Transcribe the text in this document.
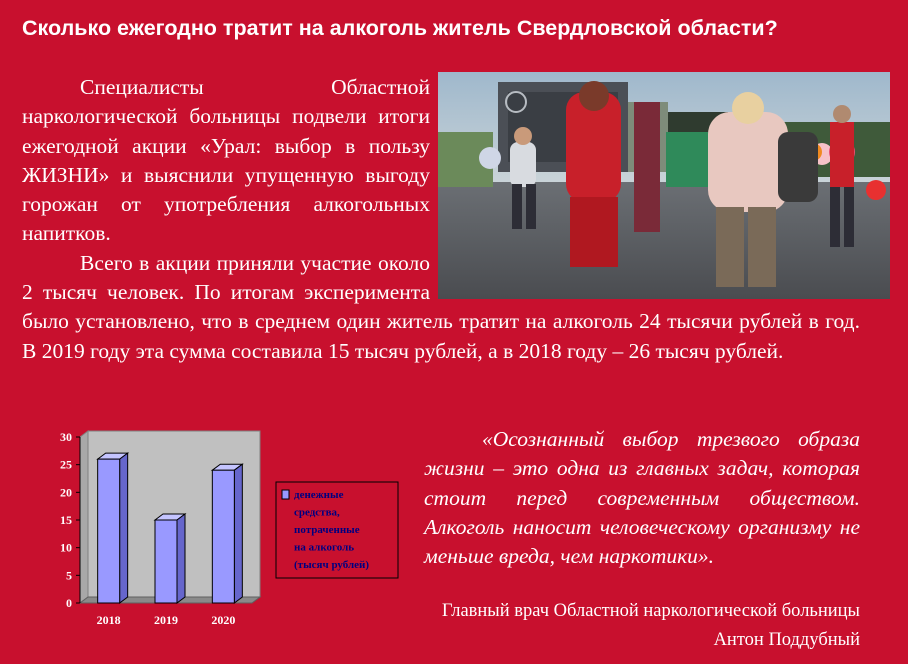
Сколько ежегодно тратит на алкоголь житель Свердловской области?

Специалисты Областной наркологической больницы подвели итоги ежегодной акции «Урал: выбор в пользу ЖИЗНИ» и выяснили упущенную выгоду горожан от употребления алкогольных напитков.

Всего в акции приняли участие около 2 тысяч человек. По итогам эксперимента было установлено, что в среднем один житель тратит на алкоголь 24 тысячи рублей в год. В 2019 году эта сумма составила 15 тысяч рублей, а в 2018 году – 26 тысяч рублей.

0
5
10
15
20
25
30
2018	2019	2020
денежные
средства,
потраченные
на алкоголь
(тысяч рублей)

«Осознанный выбор трезвого образа жизни – это одна из главных задач, которая стоит перед современным обществом. Алкоголь наносит человеческому организму не меньше вреда, чем наркотики».

Главный врач Областной наркологической больницы Антон Поддубный
